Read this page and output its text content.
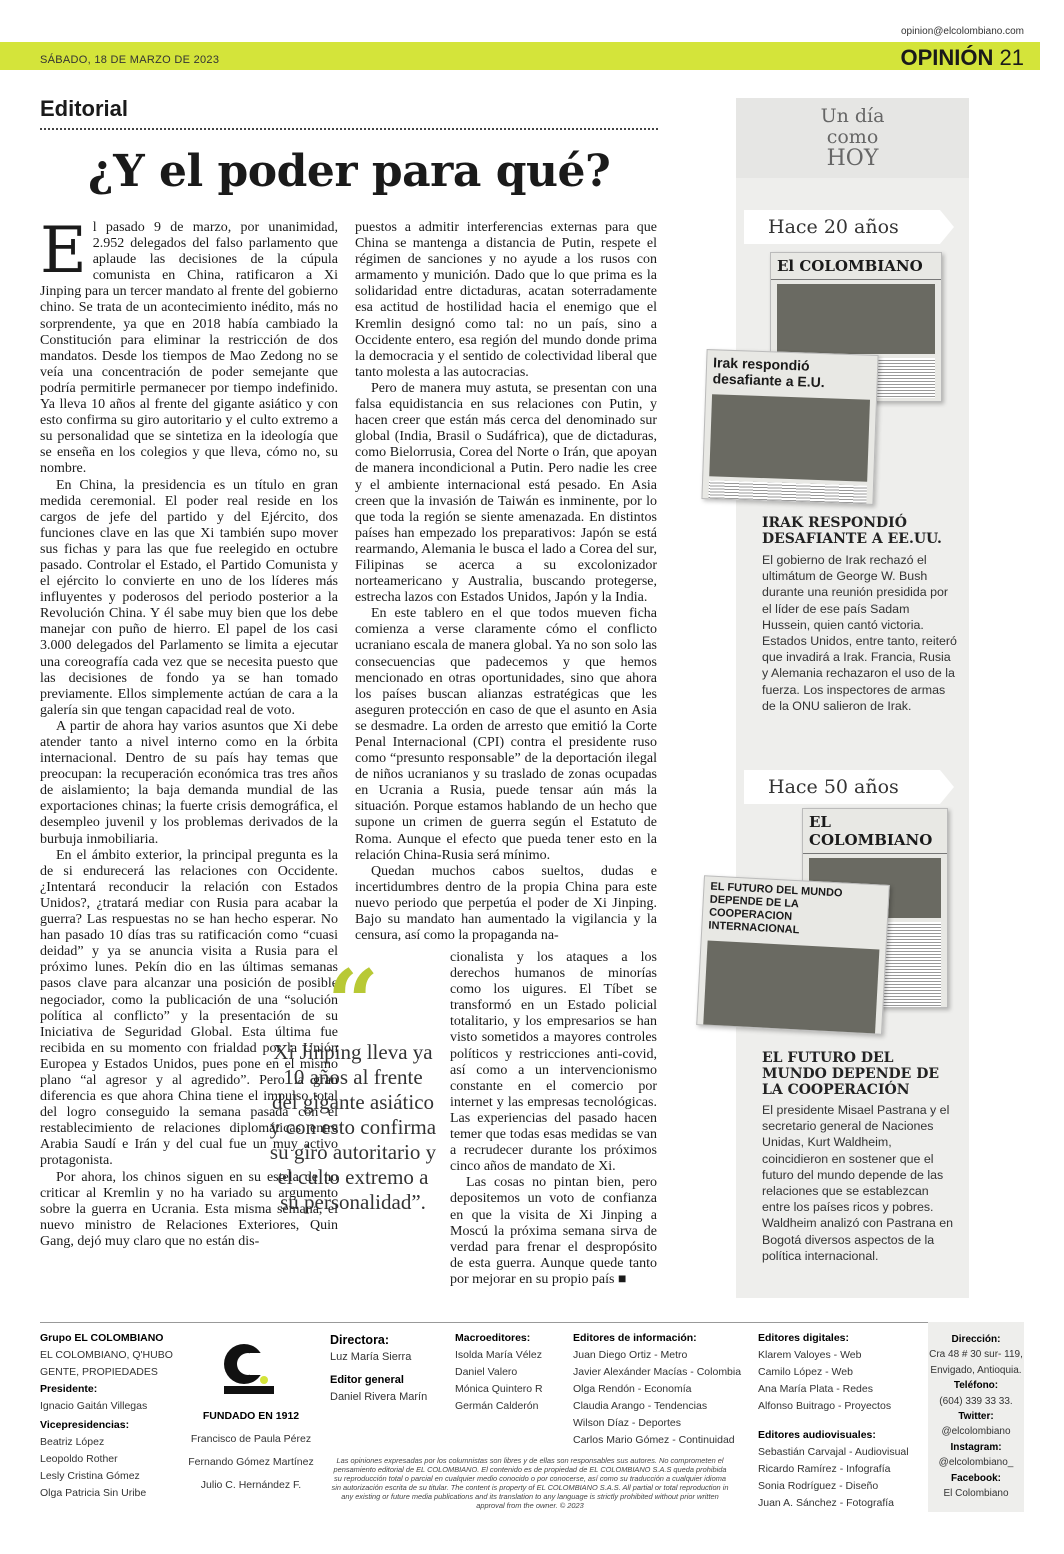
opinion@elcolombiano.com
SÁBADO, 18 DE MARZO DE 2023	OPINIÓN 21
Editorial
¿Y el poder para qué?

El pasado 9 de marzo, por unanimidad, 2.952 delegados del falso parlamento que aplaude las decisiones de la cúpula comunista en China, ratificaron a Xi Jinping para un tercer mandato al frente del gobierno chino. Se trata de un acontecimiento inédito, más no sorprendente, ya que en 2018 había cambiado la Constitución para eliminar la restricción de dos mandatos. Desde los tiempos de Mao Zedong no se veía una concentración de poder semejante que podría permitirle permanecer por tiempo indefinido. Ya lleva 10 años al frente del gigante asiático y con esto confirma su giro autoritario y el culto extremo a su personalidad que se sintetiza en la ideología que se enseña en los colegios y que lleva, cómo no, su nombre.

En China, la presidencia es un título en gran medida ceremonial. El poder real reside en los cargos de jefe del partido y del Ejército, dos funciones clave en las que Xi también supo mover sus fichas y para las que fue reelegido en octubre pasado. Controlar el Estado, el Partido Comunista y el ejército lo convierte en uno de los líderes más influyentes y poderosos del periodo posterior a la Revolución China. Y él sabe muy bien que los debe manejar con puño de hierro. El papel de los casi 3.000 delegados del Parlamento se limita a ejecutar una coreografía cada vez que se necesita puesto que las decisiones de fondo ya se han tomado previamente. Ellos simplemente actúan de cara a la galería sin que tengan capacidad real de voto.

A partir de ahora hay varios asuntos que Xi debe atender tanto a nivel interno como en la órbita internacional. Dentro de su país hay temas que preocupan: la recuperación económica tras tres años de aislamiento; la baja demanda mundial de las exportaciones chinas; la fuerte crisis demográfica, el desempleo juvenil y los problemas derivados de la burbuja inmobiliaria.

En el ámbito exterior, la principal pregunta es la de si endurecerá las relaciones con Occidente. ¿Intentará reconducir la relación con Estados Unidos?, ¿tratará mediar con Rusia para acabar la guerra? Las respuestas no se han hecho esperar. No han pasado 10 días tras su ratificación como “cuasi deidad” y ya se anuncia visita a Rusia para el próximo lunes. Pekín dio en las últimas semanas pasos clave para alcanzar una posición de posible negociador, como la publicación de una “solución política al conflicto” y la presentación de su Iniciativa de Seguridad Global. Esta última fue recibida en su momento con frialdad por la Unión Europea y Estados Unidos, pues pone en el mismo plano “al agresor y al agredido”. Pero la gran diferencia es que ahora China tiene el impulso total del logro conseguido la semana pasada con el restablecimiento de relaciones diplomáticas entre Arabia Saudí e Irán y del cual fue un muy activo protagonista.

Por ahora, los chinos siguen en su estela de no criticar al Kremlin y no ha variado su argumento sobre la guerra en Ucrania. Esta misma semana, el nuevo ministro de Relaciones Exteriores, Quin Gang, dejó muy claro que no están dis-

puestos a admitir interferencias externas para que China se mantenga a distancia de Putin, respete el régimen de sanciones y no ayude a los rusos con armamento y munición. Dado que lo que prima es la solidaridad entre dictaduras, acatan soterradamente esa actitud de hostilidad hacia el enemigo que el Kremlin designó como tal: no un país, sino a Occidente entero, esa región del mundo donde prima la democracia y el sentido de colectividad liberal que tanto molesta a las autocracias.

Pero de manera muy astuta, se presentan con una falsa equidistancia en sus relaciones con Putin, y hacen creer que están más cerca del denominado sur global (India, Brasil o Sudáfrica), que de dictaduras, como Bielorrusia, Corea del Norte o Irán, que apoyan de manera incondicional a Putin. Pero nadie les cree y el ambiente internacional está pesado. En Asia creen que la invasión de Taiwán es inminente, por lo que toda la región se siente amenazada. En distintos países han empezado los preparativos: Japón se está rearmando, Alemania le busca el lado a Corea del sur, Filipinas se acerca a su excolonizador norteamericano y Australia, buscando protegerse, estrecha lazos con Estados Unidos, Japón y la India.

En este tablero en el que todos mueven ficha comienza a verse claramente cómo el conflicto ucraniano escala de manera global. Ya no son solo las consecuencias que padecemos y que hemos mencionado en otras oportunidades, sino que ahora los países buscan alianzas estratégicas que les aseguren protección en caso de que el asunto en Asia se desmadre. La orden de arresto que emitió la Corte Penal Internacional (CPI) contra el presidente ruso como “presunto responsable” de la deportación ilegal de niños ucranianos y su traslado de zonas ocupadas en Ucrania a Rusia, puede tensar aún más la situación. Porque estamos hablando de un hecho que supone un crimen de guerra según el Estatuto de Roma. Aunque el efecto que pueda tener esto en la relación China-Rusia será mínimo.

Quedan muchos cabos sueltos, dudas e incertidumbres dentro de la propia China para este nuevo periodo que perpetúa el poder de Xi Jinping. Bajo su mandato han aumentado la vigilancia y la censura, así como la propaganda na-

“
Xi Jinping lleva ya 10 años al frente del gigante asiático y con esto confirma su giro autoritario y el culto extremo a su personalidad”.

cionalista y los ataques a los derechos humanos de minorías como los uigures. El Tíbet se transformó en un Estado policial totalitario, y los empresarios se han visto sometidos a mayores controles políticos y restricciones anti-covid, así como a un intervencionismo constante en el comercio por internet y las empresas tecnológicas. Las experiencias del pasado hacen temer que todas esas medidas se van a recrudecer durante los próximos cinco años de mandato de Xi.

Las cosas no pintan bien, pero depositemos un voto de confianza en que la visita de Xi Jinping a Moscú la próxima semana sirva de verdad para frenar el despropósito de esta guerra. Aunque quede tanto por mejorar en su propio país ■

Un día
como
HOY
Hace 20 años
El COLOMBIANO
Irak respondió desafiante a E.U.
IRAK RESPONDIÓ DESAFIANTE A EE.UU.
El gobierno de Irak rechazó el ultimátum de George W. Bush durante una reunión presidida por el líder de ese país Sadam Hussein, quien cantó victoria. Estados Unidos, entre tanto, reiteró que invadirá a Irak. Francia, Rusia y Alemania rechazaron el uso de la fuerza. Los inspectores de armas de la ONU salieron de Irak.
Hace 50 años
EL COLOMBIANO
EL FUTURO DEL MUNDO DEPENDE DE LA COOPERACION INTERNACIONAL
EL FUTURO DEL MUNDO DEPENDE DE LA COOPERACIÓN
El presidente Misael Pastrana y el secretario general de Naciones Unidas, Kurt Waldheim, coincidieron en sostener que el futuro del mundo depende de las relaciones que se establezcan entre los países ricos y pobres. Waldheim analizó con Pastrana en Bogotá diversos aspectos de la política internacional.
Grupo EL COLOMBIANO
EL COLOMBIANO, Q'HUBO
GENTE, PROPIEDADES
Presidente:
Ignacio Gaitán Villegas
Vicepresidencias:
Beatriz López
Leopoldo Rother
Lesly Cristina Gómez
Olga Patricia Sin Uribe
FUNDADO EN 1912
Francisco de Paula Pérez
Fernando Gómez Martínez
Julio C. Hernández F.
Directora:
Luz María Sierra
Editor general
Daniel Rivera Marín
Macroeditores:
Isolda María Vélez
Daniel Valero
Mónica Quintero R
Germán Calderón
Editores de información:
Juan Diego Ortiz - Metro
Javier Alexánder Macías - Colombia
Olga Rendón - Economía
Claudia Arango - Tendencias
Wilson Díaz - Deportes
Carlos Mario Gómez - Continuidad
Editores digitales:
Klarem Valoyes - Web
Camilo López - Web
Ana María Plata - Redes
Alfonso Buitrago - Proyectos
Editores audiovisuales:
Sebastián Carvajal - Audiovisual
Ricardo Ramírez - Infografía
Sonia Rodríguez - Diseño
Juan A. Sánchez - Fotografía
Dirección:
Cra 48 # 30 sur- 119,
Envigado, Antioquia.
Teléfono:
(604) 339 33 33.
Twitter:
@elcolombiano
Instagram:
@elcolombiano_
Facebook:
El Colombiano
Las opiniones expresadas por los columnistas son libres y de ellas son responsables sus autores. No comprometen el pensamiento editorial de EL COLOMBIANO. El contenido es de propiedad de EL COLOMBIANO S.A.S queda prohibida su reproducción total o parcial en cualquier medio conocido o por conocerse, así como su traducción a cualquier idioma sin autorización escrita de su titular. The content is property of EL COLOMBIANO S.A.S. All partial or total reproduction in any existing or future media publications and its translation to any language is strictly prohibited without prior written approval from the owner. © 2023
